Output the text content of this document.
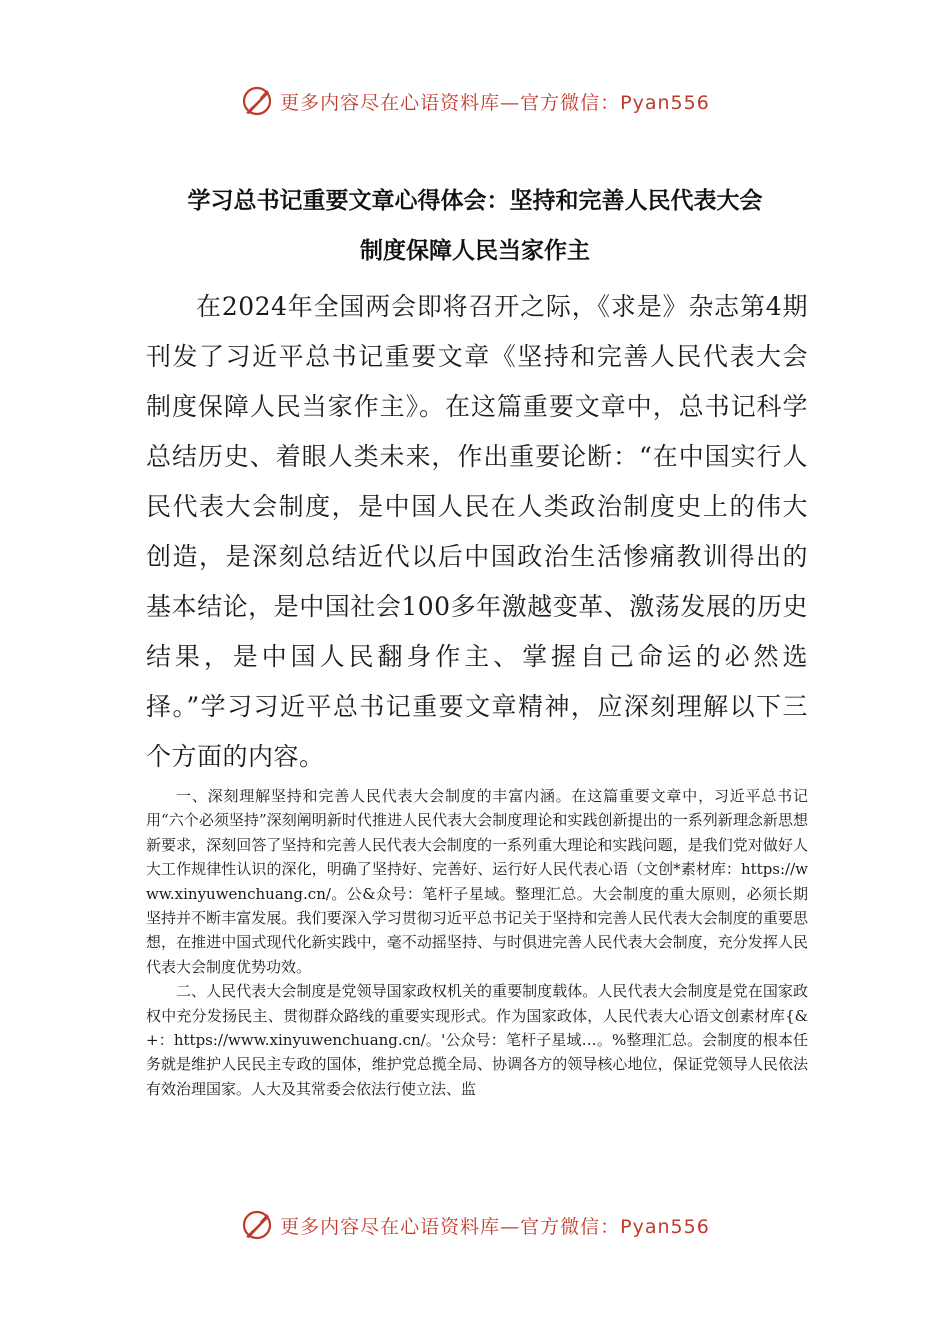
更多内容尽在心语资料库—官方微信：Pyan556
学习总书记重要文章心得体会：坚持和完善人民代表大会
制度保障人民当家作主

在2024年全国两会即将召开之际，《求是》杂志第4期刊发了习近平总书记重要文章《坚持和完善人民代表大会制度保障人民当家作主》。在这篇重要文章中，总书记科学总结历史、着眼人类未来，作出重要论断：“在中国实行人民代表大会制度，是中国人民在人类政治制度史上的伟大创造，是深刻总结近代以后中国政治生活惨痛教训得出的基本结论，是中国社会100多年激越变革、激荡发展的历史结果，是中国人民翻身作主、掌握自己命运的必然选择。”学习习近平总书记重要文章精神，应深刻理解以下三个方面的内容。

一、深刻理解坚持和完善人民代表大会制度的丰富内涵。在这篇重要文章中，习近平总书记用“六个必须坚持”深刻阐明新时代推进人民代表大会制度理论和实践创新提出的一系列新理念新思想新要求，深刻回答了坚持和完善人民代表大会制度的一系列重大理论和实践问题，是我们党对做好人大工作规律性认识的深化，明确了坚持好、完善好、运行好人民代表心语（文创*素材库：https://www.xinyuwenchuang.cn/。公&众号：笔杆子星域。整理汇总。大会制度的重大原则，必须长期坚持并不断丰富发展。我们要深入学习贯彻习近平总书记关于坚持和完善人民代表大会制度的重要思想，在推进中国式现代化新实践中，毫不动摇坚持、与时俱进完善人民代表大会制度，充分发挥人民代表大会制度优势功效。

二、人民代表大会制度是党领导国家政权机关的重要制度载体。人民代表大会制度是党在国家政权中充分发扬民主、贯彻群众路线的重要实现形式。作为国家政体，人民代表大心语文创素材库{&+：https://www.xinyuwenchuang.cn/。'公众号：笔杆子星域…。%整理汇总。会制度的根本任务就是维护人民民主专政的国体，维护党总揽全局、协调各方的领导核心地位，保证党领导人民依法有效治理国家。人大及其常委会依法行使立法、监

更多内容尽在心语资料库—官方微信：Pyan556
